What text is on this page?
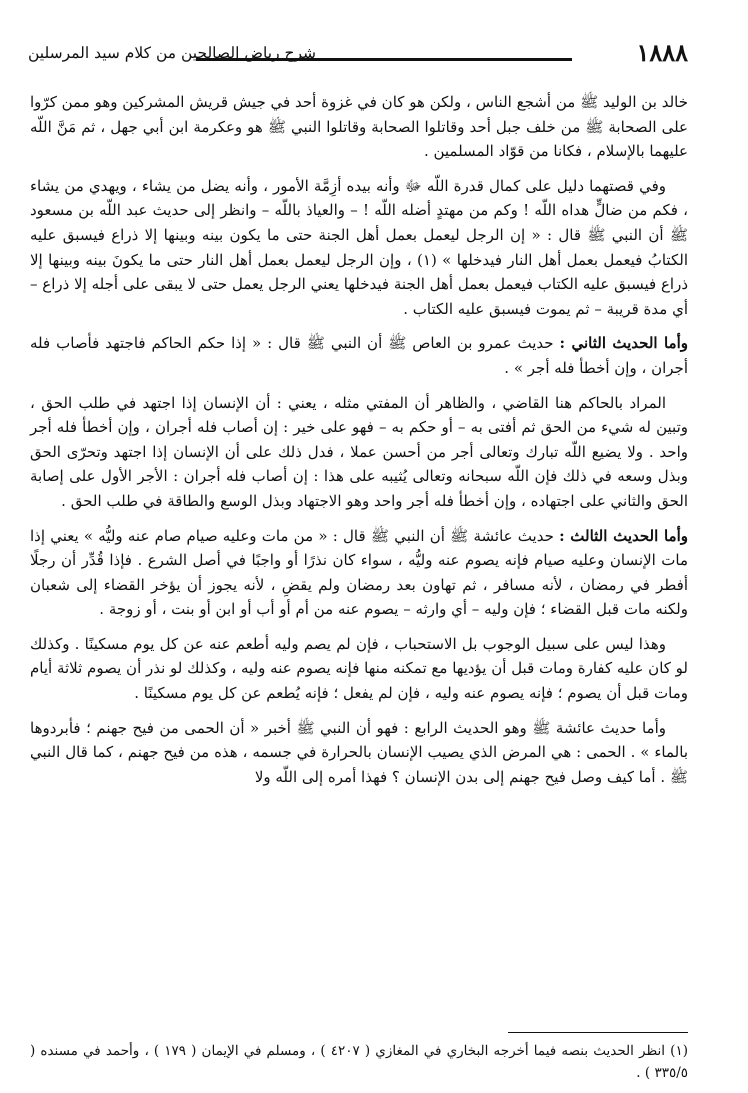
١٨٨٨
شرح رياض الصالحين من كلام سيد المرسلين

خالد بن الوليد ﷺ من أشجع الناس ، ولكن هو كان في غزوة أحد في جيش قريش المشركين وهو ممن كرّوا على الصحابة ﷺ من خلف جبل أحد وقاتلوا الصحابة وقاتلوا النبي ﷺ هو وعكرمة ابن أبي جهل ، ثم مَنَّ اللّه عليهما بالإسلام ، فكانا من قوّاد المسلمين .

وفي قصتهما دليل على كمال قدرة اللّه ﷻ وأنه بيده أزِمَّة الأمور ، وأنه يضل من يشاء ، ويهدي من يشاء ، فكم من ضالٍّ هداه اللّه ! وكم من مهتدٍ أضله اللّه ! – والعياذ باللّه – وانظر إلى حديث عبد اللّه بن مسعود ﷺ أن النبي ﷺ قال : « إن الرجل ليعمل بعمل أهل الجنة حتى ما يكون بينه وبينها إلا ذراع فيسبق عليه الكتابُ فيعمل بعمل أهل النار فيدخلها » (١) ، وإن الرجل ليعمل بعمل أهل النار حتى ما يكونَ بينه وبينها إلا ذراع فيسبق عليه الكتاب فيعمل بعمل أهل الجنة فيدخلها يعني الرجل يعمل حتى لا يبقى على أجله إلا ذراع – أي مدة قريبة – ثم يموت فيسبق عليه الكتاب .

وأما الحديث الثاني : حديث عمرو بن العاص ﷺ أن النبي ﷺ قال : « إذا حكم الحاكم فاجتهد فأصاب فله أجران ، وإن أخطأ فله أجر » .

المراد بالحاكم هنا القاضي ، والظاهر أن المفتي مثله ، يعني : أن الإنسان إذا اجتهد في طلب الحق ، وتبين له شيء من الحق ثم أفتى به – أو حكم به – فهو على خير : إن أصاب فله أجران ، وإن أخطأ فله أجر واحد . ولا يضيع اللّه تبارك وتعالى أجر من أحسن عملا ، فدل ذلك على أن الإنسان إذا اجتهد وتحرّى الحق وبذل وسعه في ذلك فإن اللّه سبحانه وتعالى يُثيبه على هذا : إن أصاب فله أجران : الأجر الأول على إصابة الحق والثاني على اجتهاده ، وإن أخطأ فله أجر واحد وهو الاجتهاد وبذل الوسع والطاقة في طلب الحق .

وأما الحديث الثالث : حديث عائشة ﷺ أن النبي ﷺ قال : « من مات وعليه صيام صام عنه وليُّه » يعني إذا مات الإنسان وعليه صيام فإنه يصوم عنه وليُّه ، سواء كان نذرًا أو واجبًا في أصل الشرع . فإذا قُدِّر أن رجلًا أفطر في رمضان ، لأنه مسافر ، ثم تهاون بعد رمضان ولم يقضِ ، لأنه يجوز أن يؤخر القضاء إلى شعبان ولكنه مات قبل القضاء ؛ فإن وليه – أي وارثه – يصوم عنه من أم أو أب أو ابن أو بنت ، أو زوجة .

وهذا ليس على سبيل الوجوب بل الاستحباب ، فإن لم يصم وليه أطعم عنه عن كل يوم مسكينًا . وكذلك لو كان عليه كفارة ومات قبل أن يؤديها مع تمكنه منها فإنه يصوم عنه وليه ، وكذلك لو نذر أن يصوم ثلاثة أيام ومات قبل أن يصوم ؛ فإنه يصوم عنه وليه ، فإن لم يفعل ؛ فإنه يُطعم عن كل يوم مسكينًا .

وأما حديث عائشة ﷺ وهو الحديث الرابع : فهو أن النبي ﷺ أخبر « أن الحمى من فيح جهنم ؛ فأبردوها بالماء » . الحمى : هي المرض الذي يصيب الإنسان بالحرارة في جسمه ، هذه من فيح جهنم ، كما قال النبي ﷺ . أما كيف وصل فيح جهنم إلى بدن الإنسان ؟ فهذا أمره إلى اللّه ولا

(١) انظر الحديث بنصه فيما أخرجه البخاري في المغازي ( ٤٢٠٧ ) ، ومسلم في الإيمان ( ١٧٩ ) ، وأحمد في مسنده ( ٣٣٥/٥ ) .
